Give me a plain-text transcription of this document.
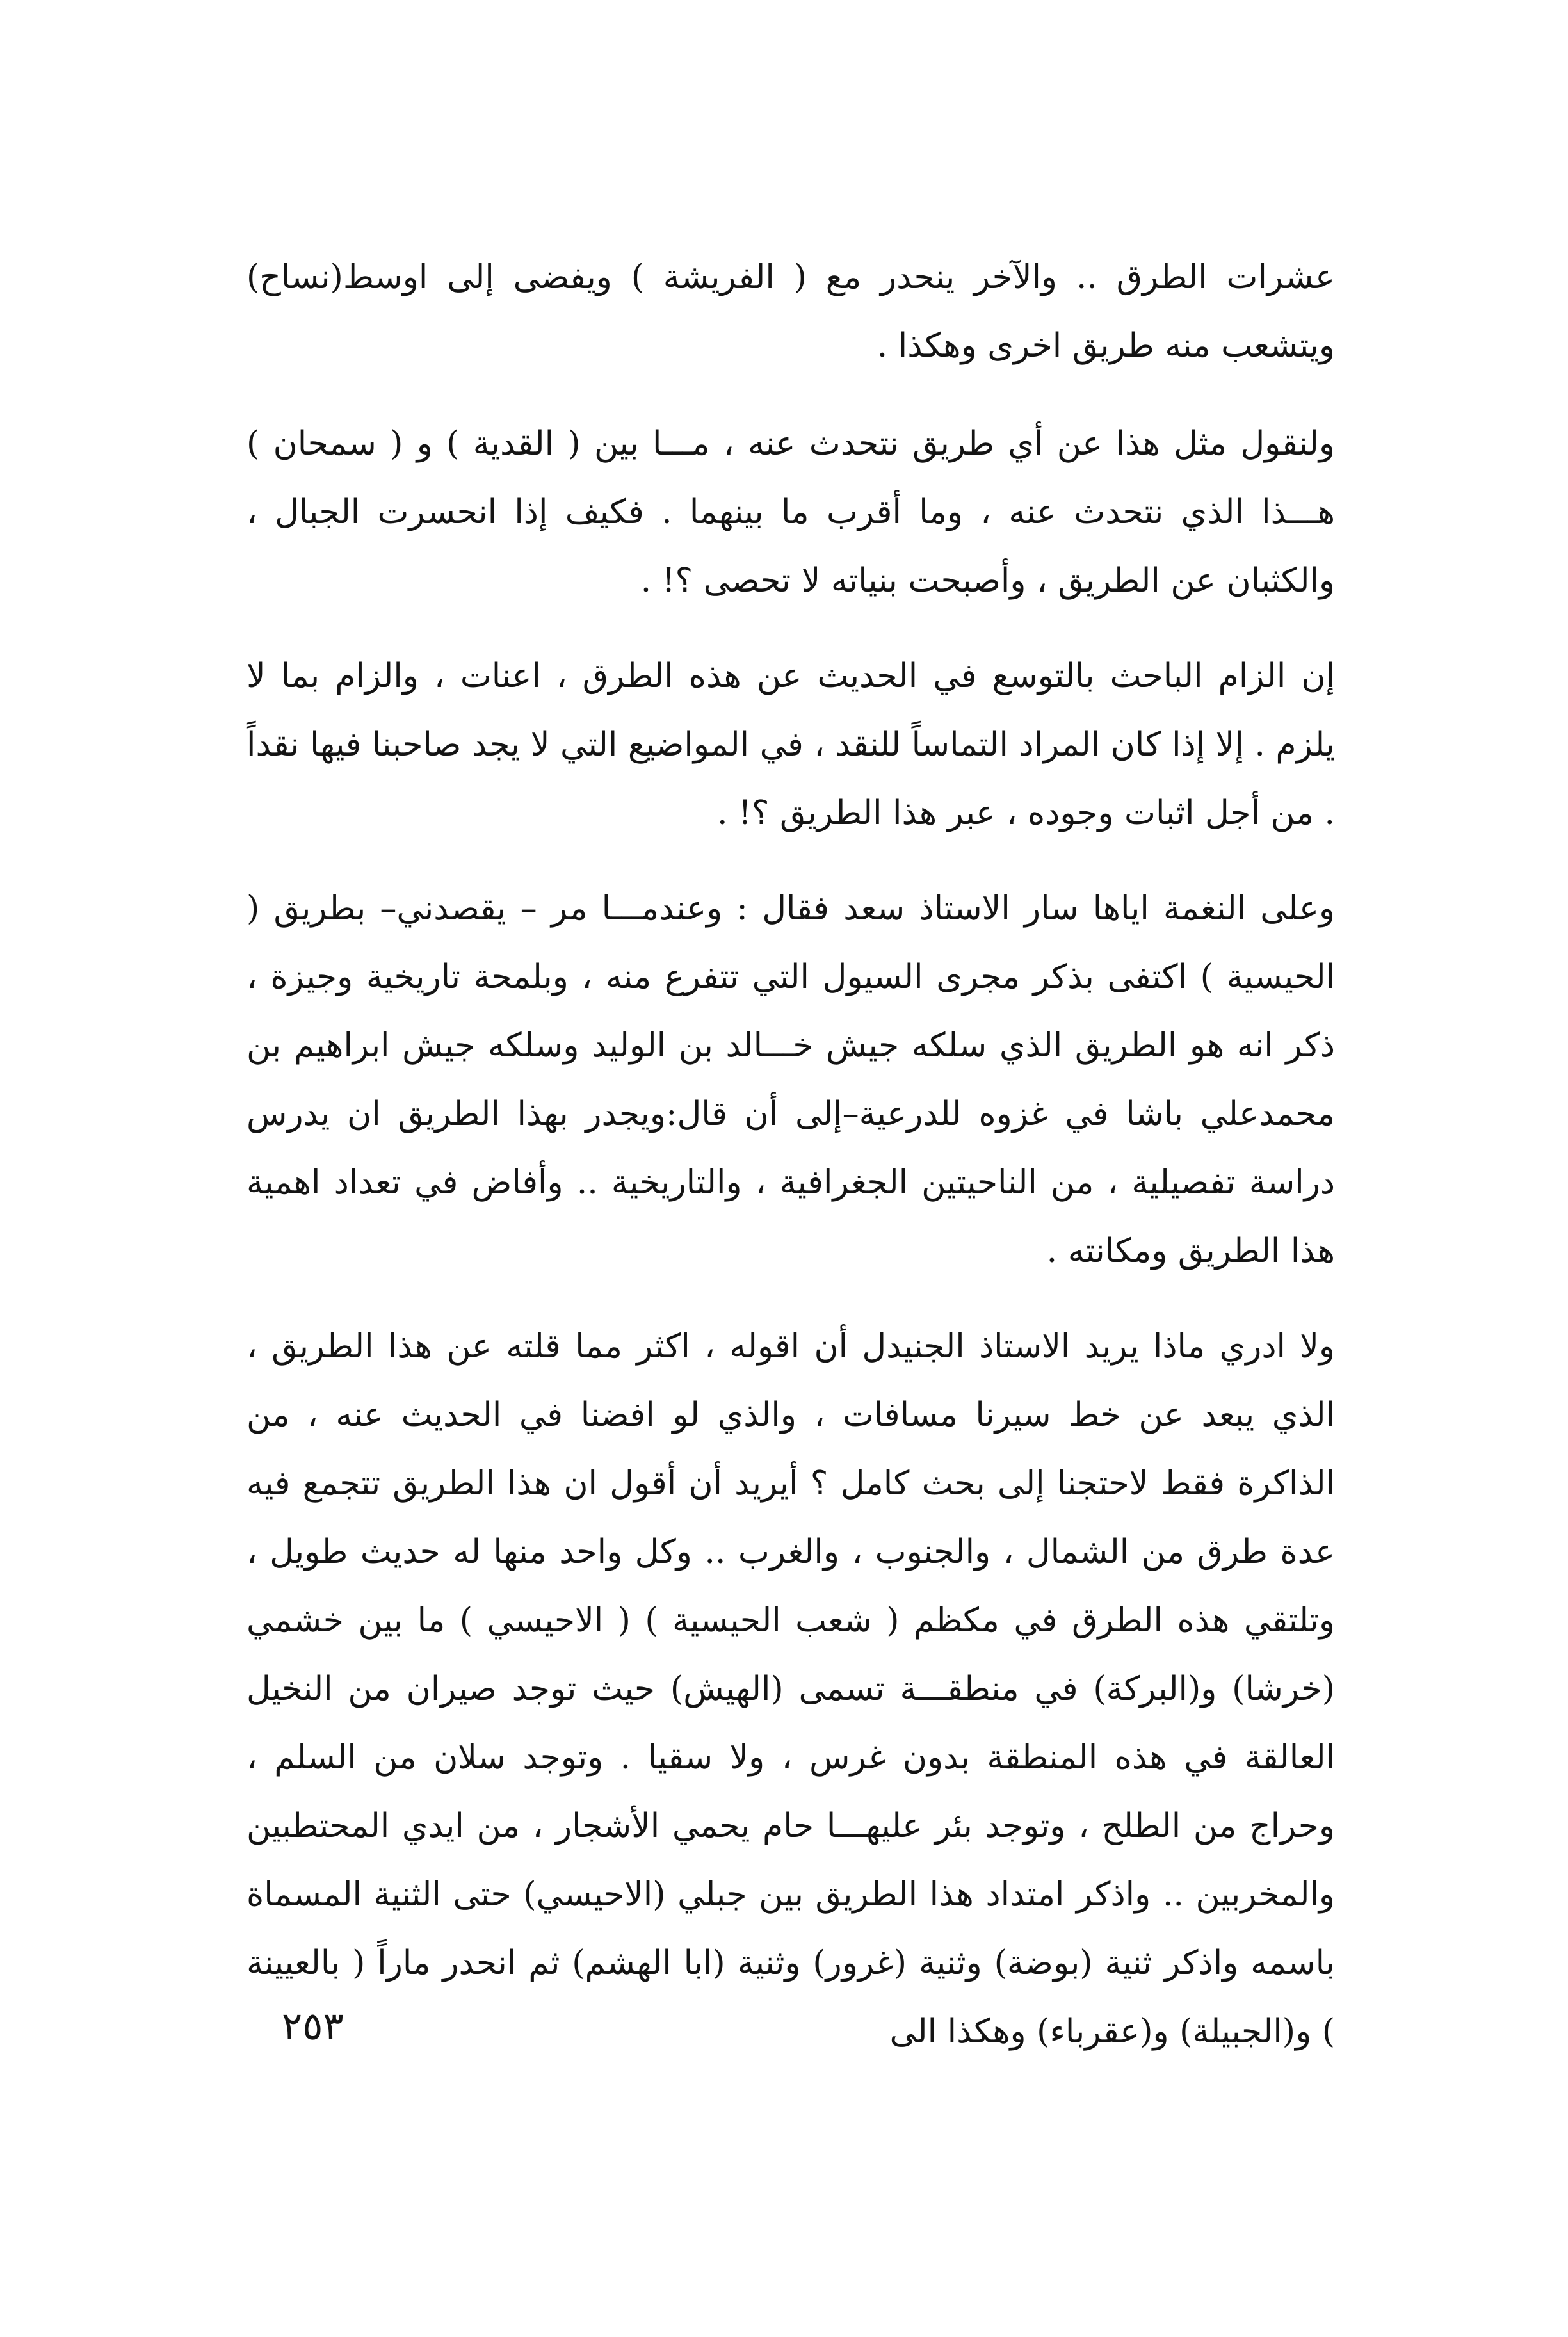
عشرات الطرق .. والآخر ينحدر مع ( الفريشة ) ويفضى إلى اوسط(نساح) ويتشعب منه طريق اخرى وهكذا .

ولنقول مثل هذا عن أي طريق نتحدث عنه ، مـــا بين ( القدية ) و ( سمحان ) هـــذا الذي نتحدث عنه ، وما أقرب ما بينهما . فكيف إذا انحسرت الجبال ، والكثبان عن الطريق ، وأصبحت بنياته لا تحصى ؟! .

إن الزام الباحث بالتوسع في الحديث عن هذه الطرق ، اعنات ، والزام بما لا يلزم . إلا إذا كان المراد التماساً للنقد ، في المواضيع التي لا يجد صاحبنا فيها نقداً . من أجل اثبات وجوده ، عبر هذا الطريق ؟! .

وعلى النغمة اياها سار الاستاذ سعد فقال : وعندمـــا مر – يقصدني– بطريق ( الحيسية ) اكتفى بذكر مجرى السيول التي تتفرع منه ، وبلمحة تاريخية وجيزة ، ذكر انه هو الطريق الذي سلكه جيش خـــالد بن الوليد وسلكه جيش ابراهيم بن محمدعلي باشا في غزوه للدرعية–إلى أن قال:ويجدر بهذا الطريق ان يدرس دراسة تفصيلية ، من الناحيتين الجغرافية ، والتاريخية .. وأفاض في تعداد اهمية هذا الطريق ومكانته .

ولا ادري ماذا يريد الاستاذ الجنيدل أن اقوله ، اكثر مما قلته عن هذا الطريق ، الذي يبعد عن خط سيرنا مسافات ، والذي لو افضنا في الحديث عنه ، من الذاكرة فقط لاحتجنا إلى بحث كامل ؟ أيريد أن أقول ان هذا الطريق تتجمع فيه عدة طرق من الشمال ، والجنوب ، والغرب .. وكل واحد منها له حديث طويل ، وتلتقي هذه الطرق في مكظم ( شعب الحيسية ) ( الاحيسي ) ما بين خشمي (خرشا) و(البركة) في منطقـــة تسمى (الهيش) حيث توجد صيران من النخيل العالقة في هذه المنطقة بدون غرس ، ولا سقيا . وتوجد سلان من السلم ، وحراج من الطلح ، وتوجد بئر عليهـــا حام يحمي الأشجار ، من ايدي المحتطبين والمخربين .. واذكر امتداد هذا الطريق بين جبلي (الاحيسي) حتى الثنية المسماة باسمه واذكر ثنية (بوضة) وثنية (غرور) وثنية (ابا الهشم) ثم انحدر ماراً ( بالعيينة ) و(الجبيلة) و(عقرباء) وهكذا الى

٢٥٣
